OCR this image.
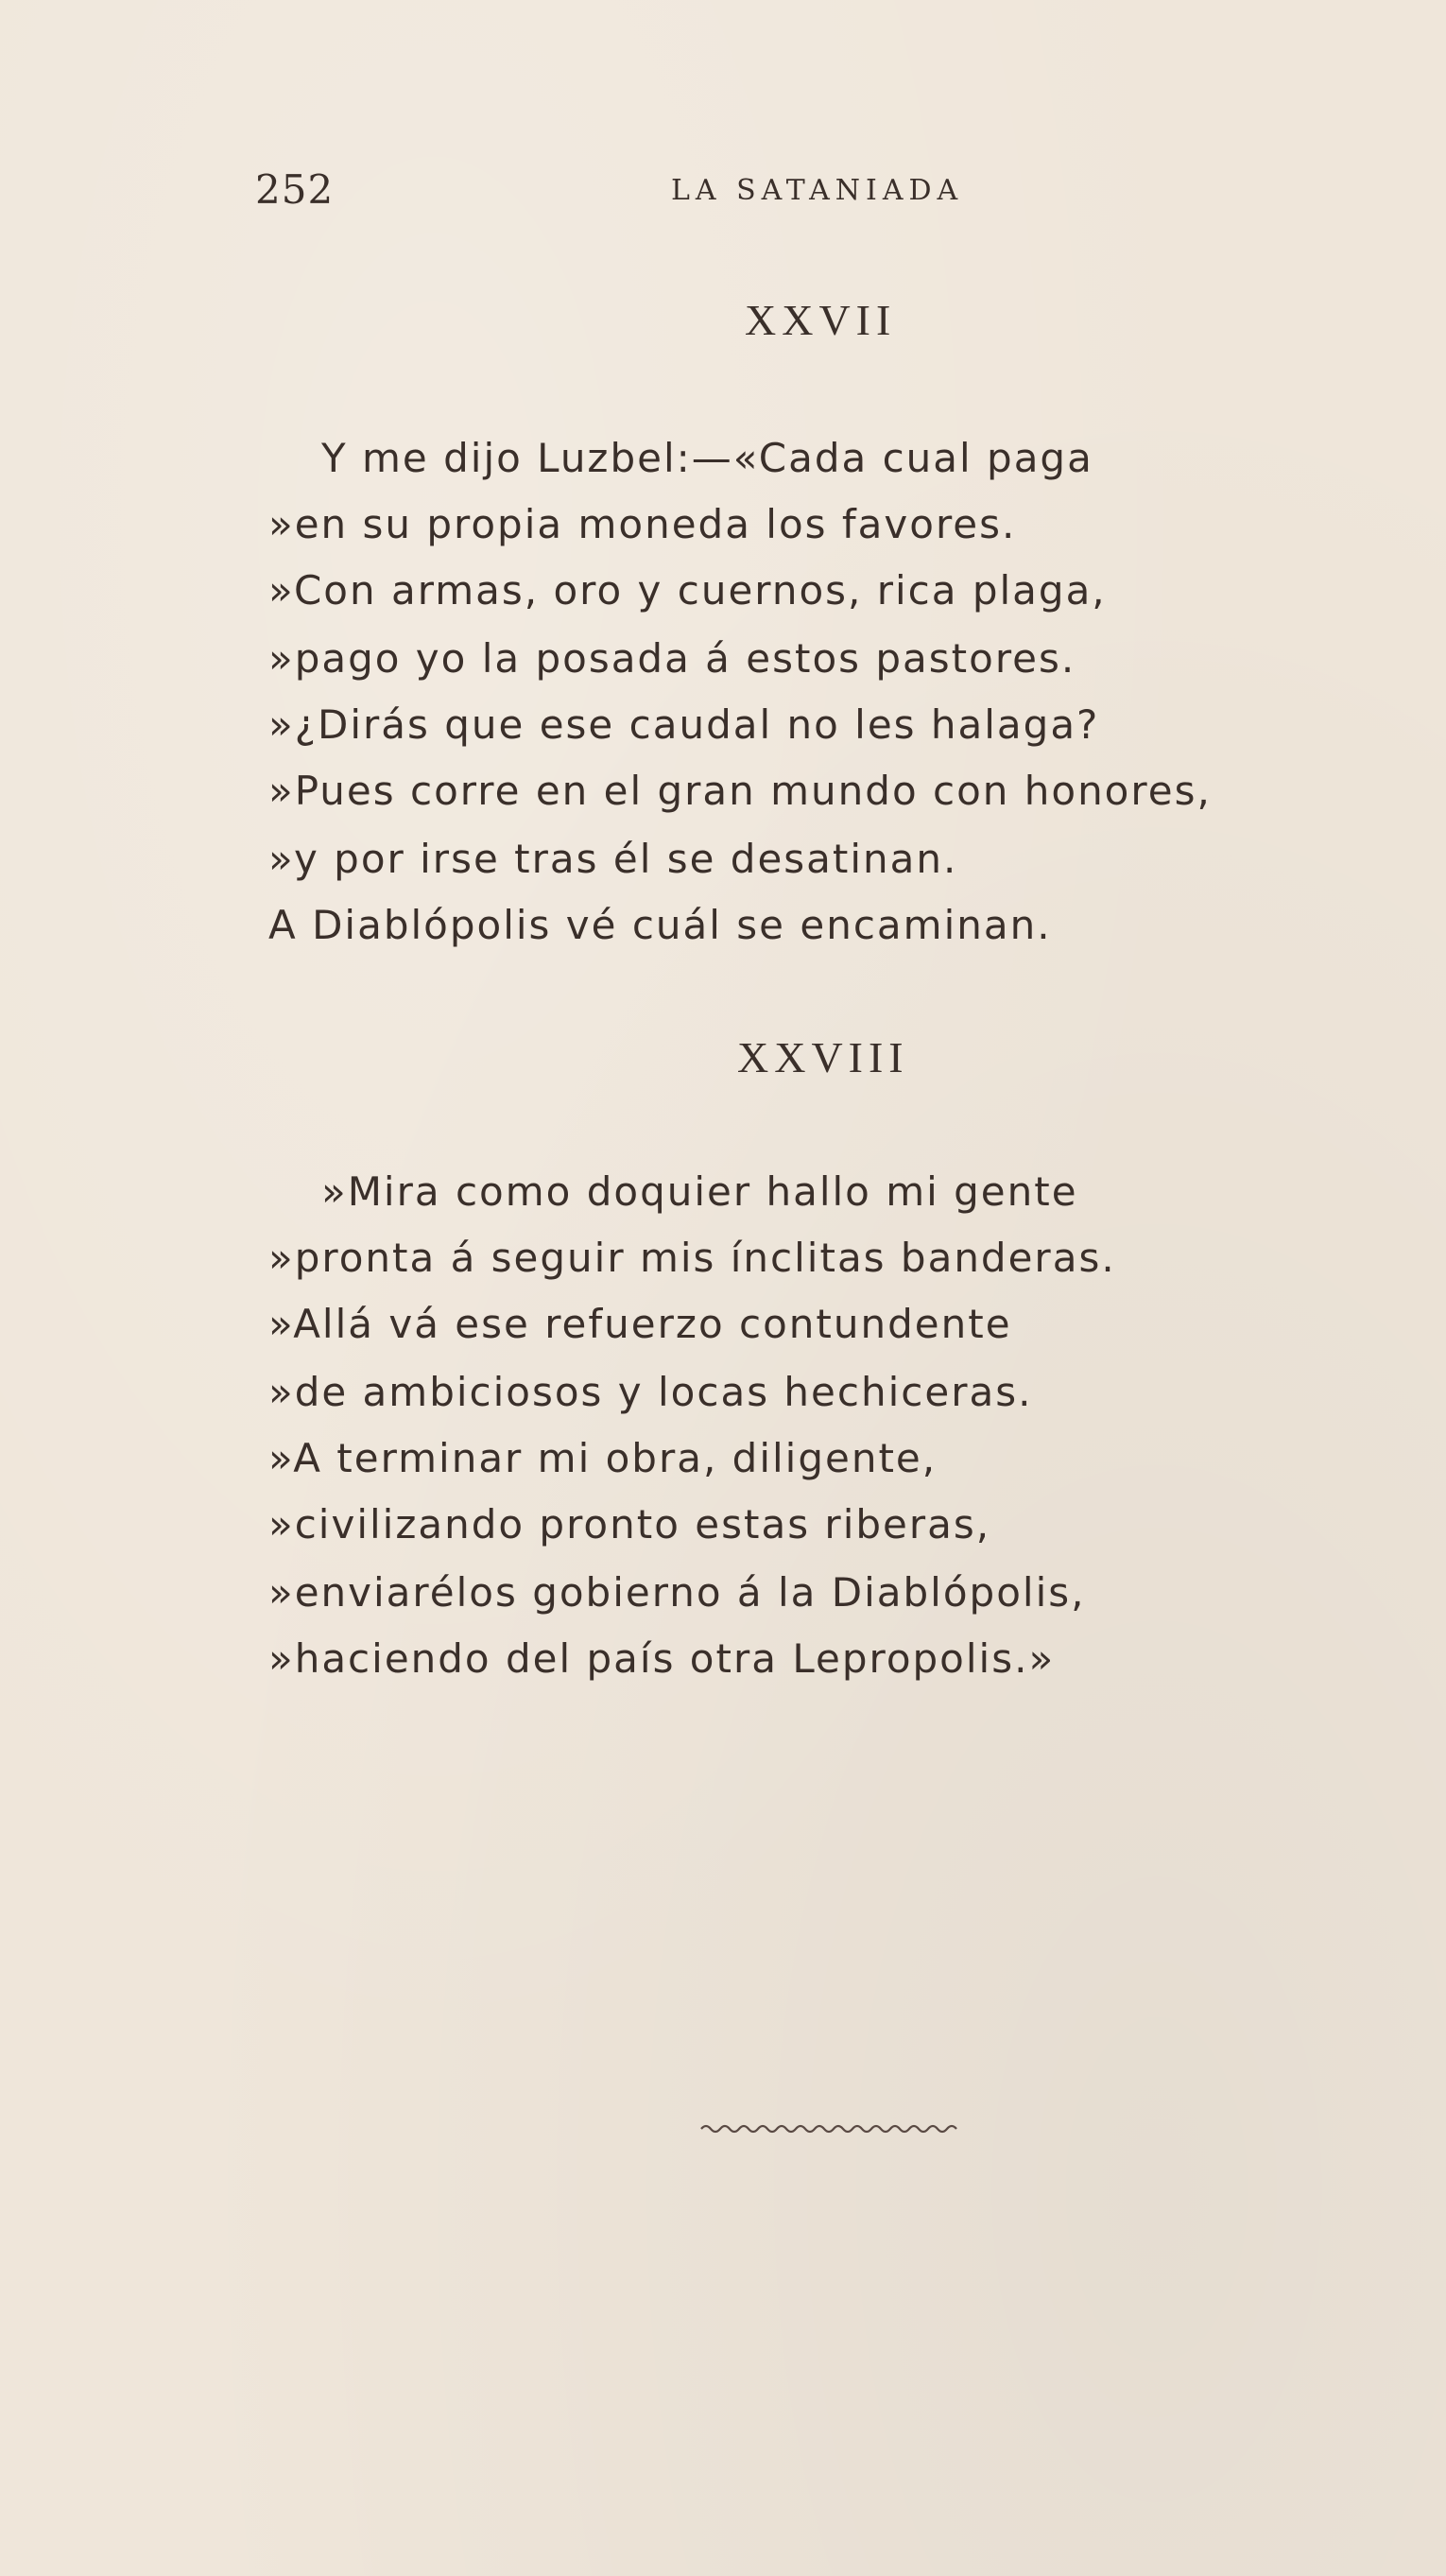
252	LA SATANIADA
XXVII
Y me dijo Luzbel:—«Cada cual paga
»en su propia moneda los favores.
»Con armas, oro y cuernos, rica plaga,
»pago yo la posada á estos pastores.
»¿Dirás que ese caudal no les halaga?
»Pues corre en el gran mundo con honores,
»y por irse tras él se desatinan.
A Diablópolis vé cuál se encaminan.
XXVIII
»Mira como doquier hallo mi gente
»pronta á seguir mis ínclitas banderas.
»Allá vá ese refuerzo contundente
»de ambiciosos y locas hechiceras.
»A terminar mi obra, diligente,
»civilizando pronto estas riberas,
»enviarélos gobierno á la Diablópolis,
»haciendo del país otra Lepropolis.»
